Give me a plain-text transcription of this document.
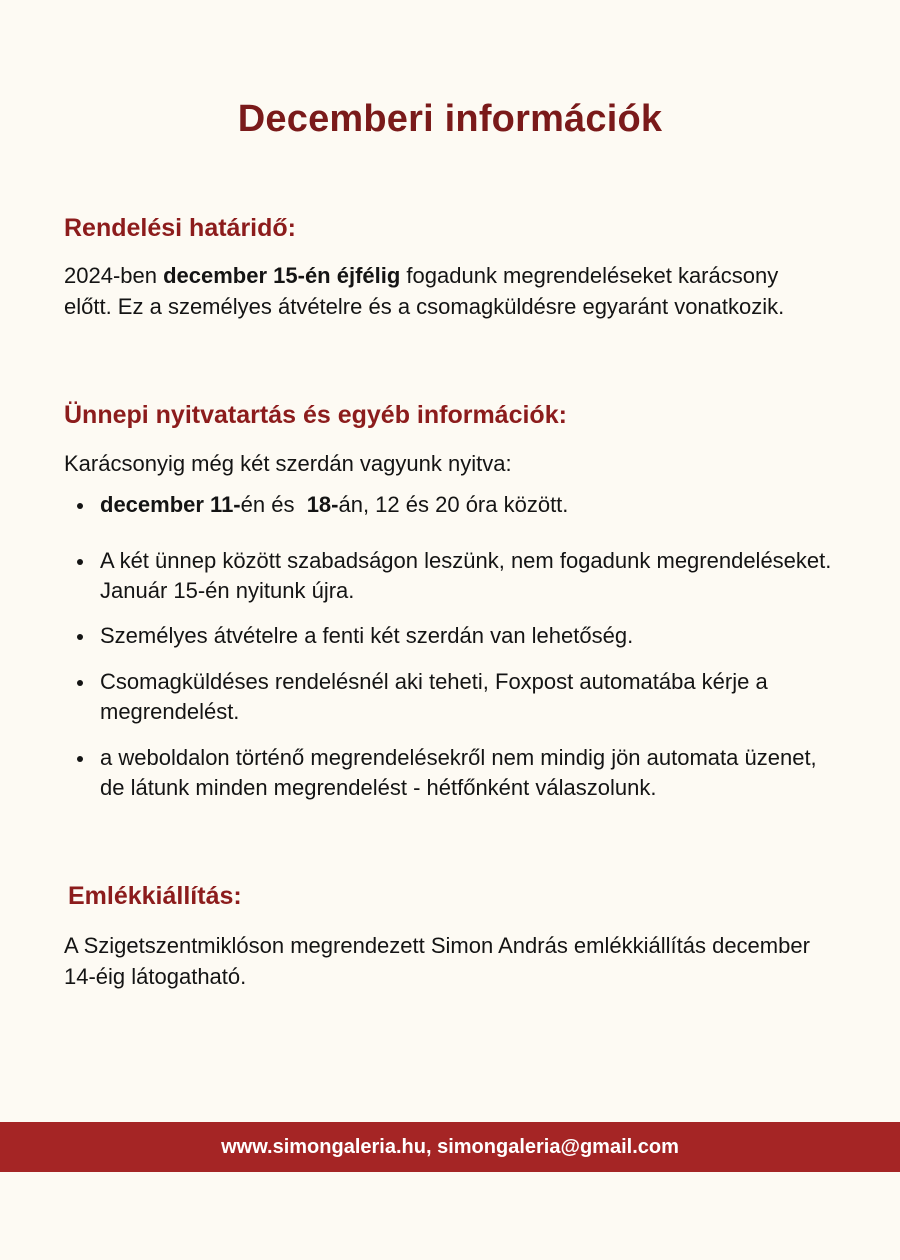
Decemberi információk
Rendelési határidő:

2024-ben december 15-én éjfélig fogadunk megrendeléseket karácsony előtt. Ez a személyes átvételre és a csomagküldésre egyaránt vonatkozik.

Ünnepi nyitvatartás és egyéb információk:

Karácsonyig még két szerdán vagyunk nyitva:

december 11-én és  18-án, 12 és 20 óra között.
A két ünnep között szabadságon leszünk, nem fogadunk megrendeléseket. Január 15-én nyitunk újra.
Személyes átvételre a fenti két szerdán van lehetőség.
Csomagküldéses rendelésnél aki teheti, Foxpost automatába kérje a megrendelést.
a weboldalon történő megrendelésekről nem mindig jön automata üzenet, de látunk minden megrendelést - hétfőnként válaszolunk.
Emlékkiállítás:

A Szigetszentmiklóson megrendezett Simon András emlékkiállítás december 14-éig látogatható.

www.simongaleria.hu, simongaleria@gmail.com
